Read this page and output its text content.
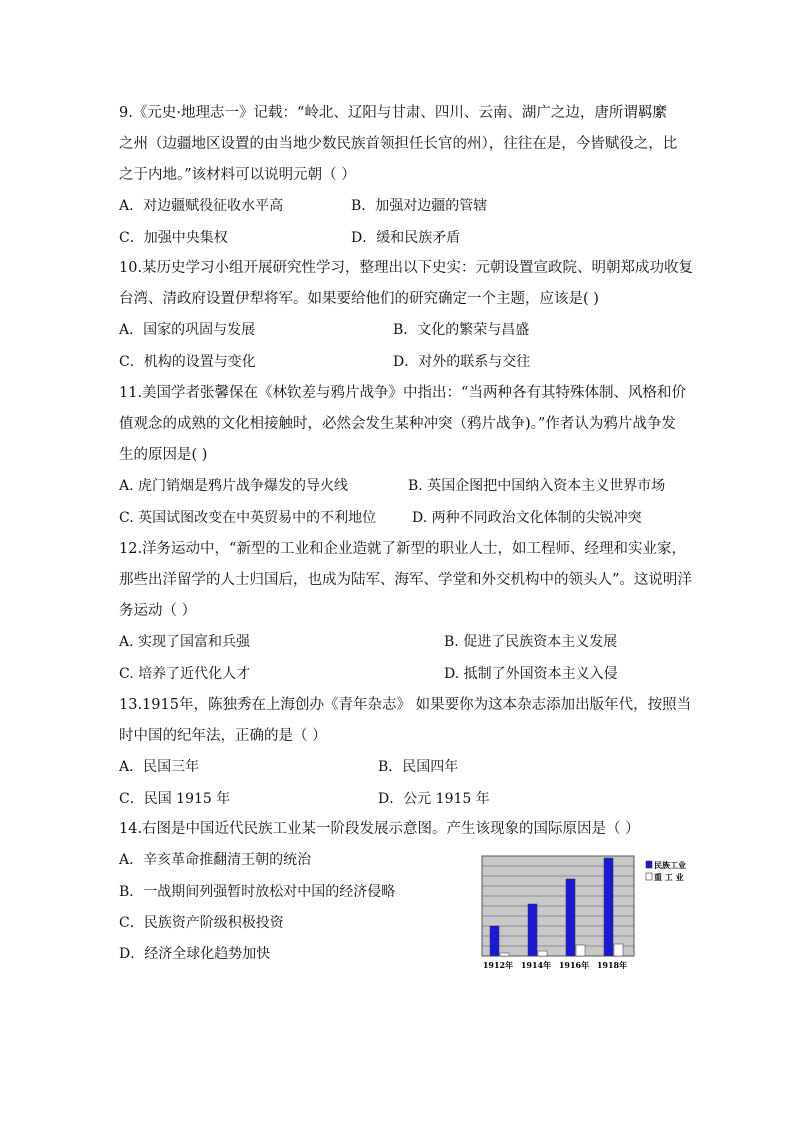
9.《元史·地理志一》记载：“岭北、辽阳与甘肃、四川、云南、湖广之边，唐所谓羁縻
之州（边疆地区设置的由当地少数民族首领担任长官的州），往往在是，今皆赋役之，比
之于内地。”该材料可以说明元朝（ ）
A．对边疆赋役征收水平高	B．加强对边疆的管辖
C．加强中央集权	D．缓和民族矛盾
10.某历史学习小组开展研究性学习，整理出以下史实：元朝设置宣政院、明朝郑成功收复
台湾、清政府设置伊犁将军。如果要给他们的研究确定一个主题，应该是( )
A．国家的巩固与发展	B．文化的繁荣与昌盛
C．机构的设置与变化	D．对外的联系与交往
11.美国学者张馨保在《林钦差与鸦片战争》中指出：“当两种各有其特殊体制、风格和价
值观念的成熟的文化相接触时，必然会发生某种冲突（鸦片战争)。”作者认为鸦片战争发
生的原因是( )
A. 虎门销烟是鸦片战争爆发的导火线	B. 英国企图把中国纳入资本主义世界市场
C. 英国试图改变在中英贸易中的不利地位	D. 两种不同政治文化体制的尖锐冲突
12.洋务运动中，“新型的工业和企业造就了新型的职业人士，如工程师、经理和实业家，
那些出洋留学的人士归国后，也成为陆军、海军、学堂和外交机构中的领头人”。这说明洋
务运动（ ）
A. 实现了国富和兵强	B. 促进了民族资本主义发展
C. 培养了近代化人才	D. 抵制了外国资本主义入侵
13.1915年，陈独秀在上海创办《青年杂志》 如果要你为这本杂志添加出版年代，按照当
时中国的纪年法，正确的是（ ）
A．民国三年	B．民国四年
C．民国 1915 年	D．公元 1915 年
14.右图是中国近代民族工业某一阶段发展示意图。产生该现象的国际原因是（ ）
A．辛亥革命推翻清王朝的统治
B．一战期间列强暂时放松对中国的经济侵略
C．民族资产阶级积极投资
D．经济全球化趋势加快
1912年 1914年 1916年 1918年
民族工业
重 工 业
